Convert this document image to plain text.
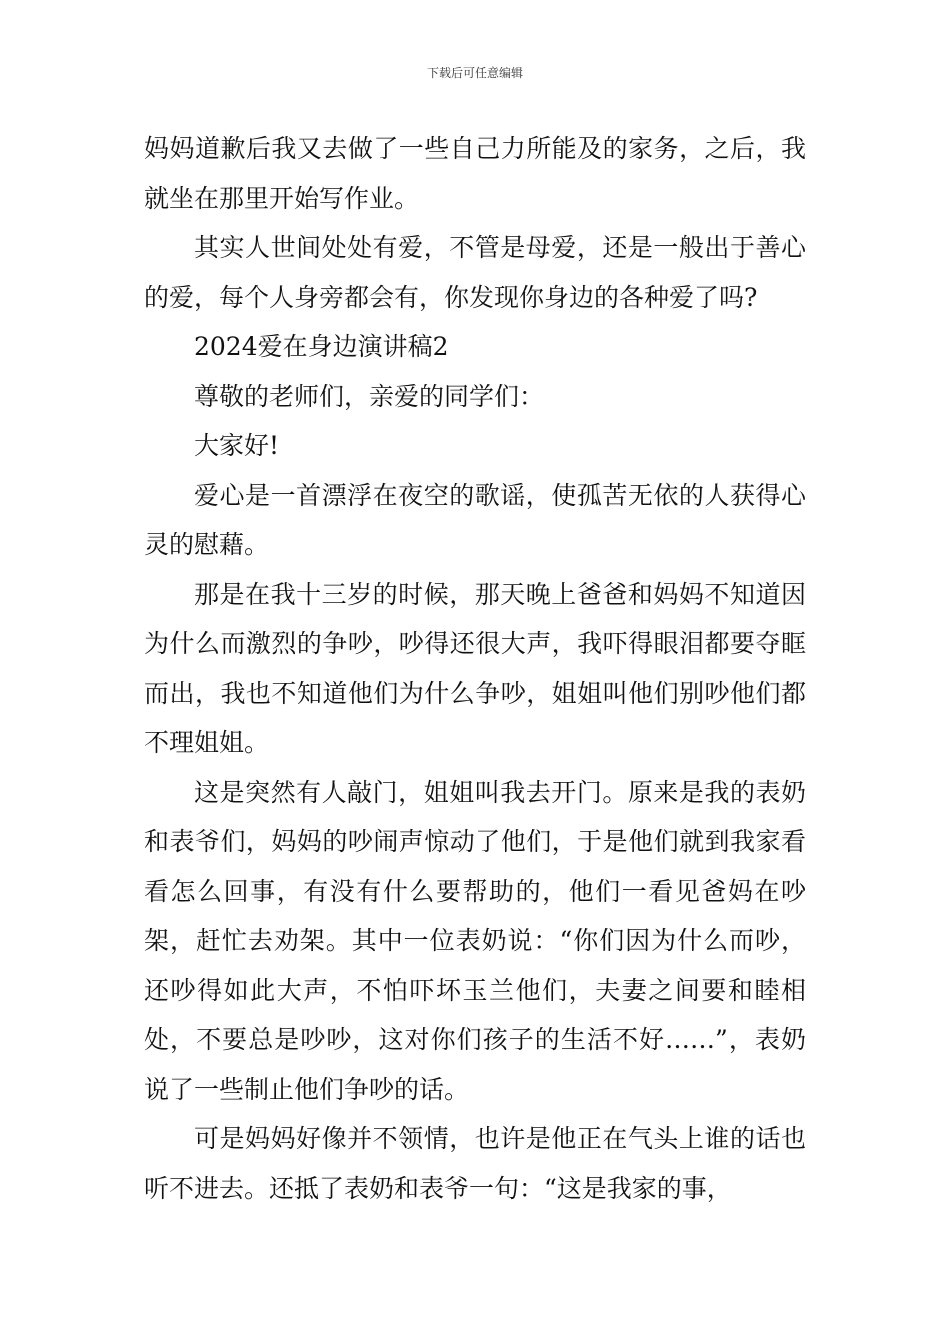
下载后可任意编辑

妈妈道歉后我又去做了一些自己力所能及的家务，之后，我就坐在那里开始写作业。

其实人世间处处有爱，不管是母爱，还是一般出于善心的爱，每个人身旁都会有，你发现你身边的各种爱了吗?

2024爱在身边演讲稿2

尊敬的老师们，亲爱的同学们：

大家好!

爱心是一首漂浮在夜空的歌谣，使孤苦无依的人获得心灵的慰藉。

那是在我十三岁的时候，那天晚上爸爸和妈妈不知道因为什么而激烈的争吵，吵得还很大声，我吓得眼泪都要夺眶而出，我也不知道他们为什么争吵，姐姐叫他们别吵他们都不理姐姐。

这是突然有人敲门，姐姐叫我去开门。原来是我的表奶和表爷们，妈妈的吵闹声惊动了他们，于是他们就到我家看看怎么回事，有没有什么要帮助的，他们一看见爸妈在吵架，赶忙去劝架。其中一位表奶说：“你们因为什么而吵，还吵得如此大声，不怕吓坏玉兰他们，夫妻之间要和睦相处，不要总是吵吵，这对你们孩子的生活不好……”，表奶说了一些制止他们争吵的话。

可是妈妈好像并不领情，也许是他正在气头上谁的话也听不进去。还抵了表奶和表爷一句：“这是我家的事，
